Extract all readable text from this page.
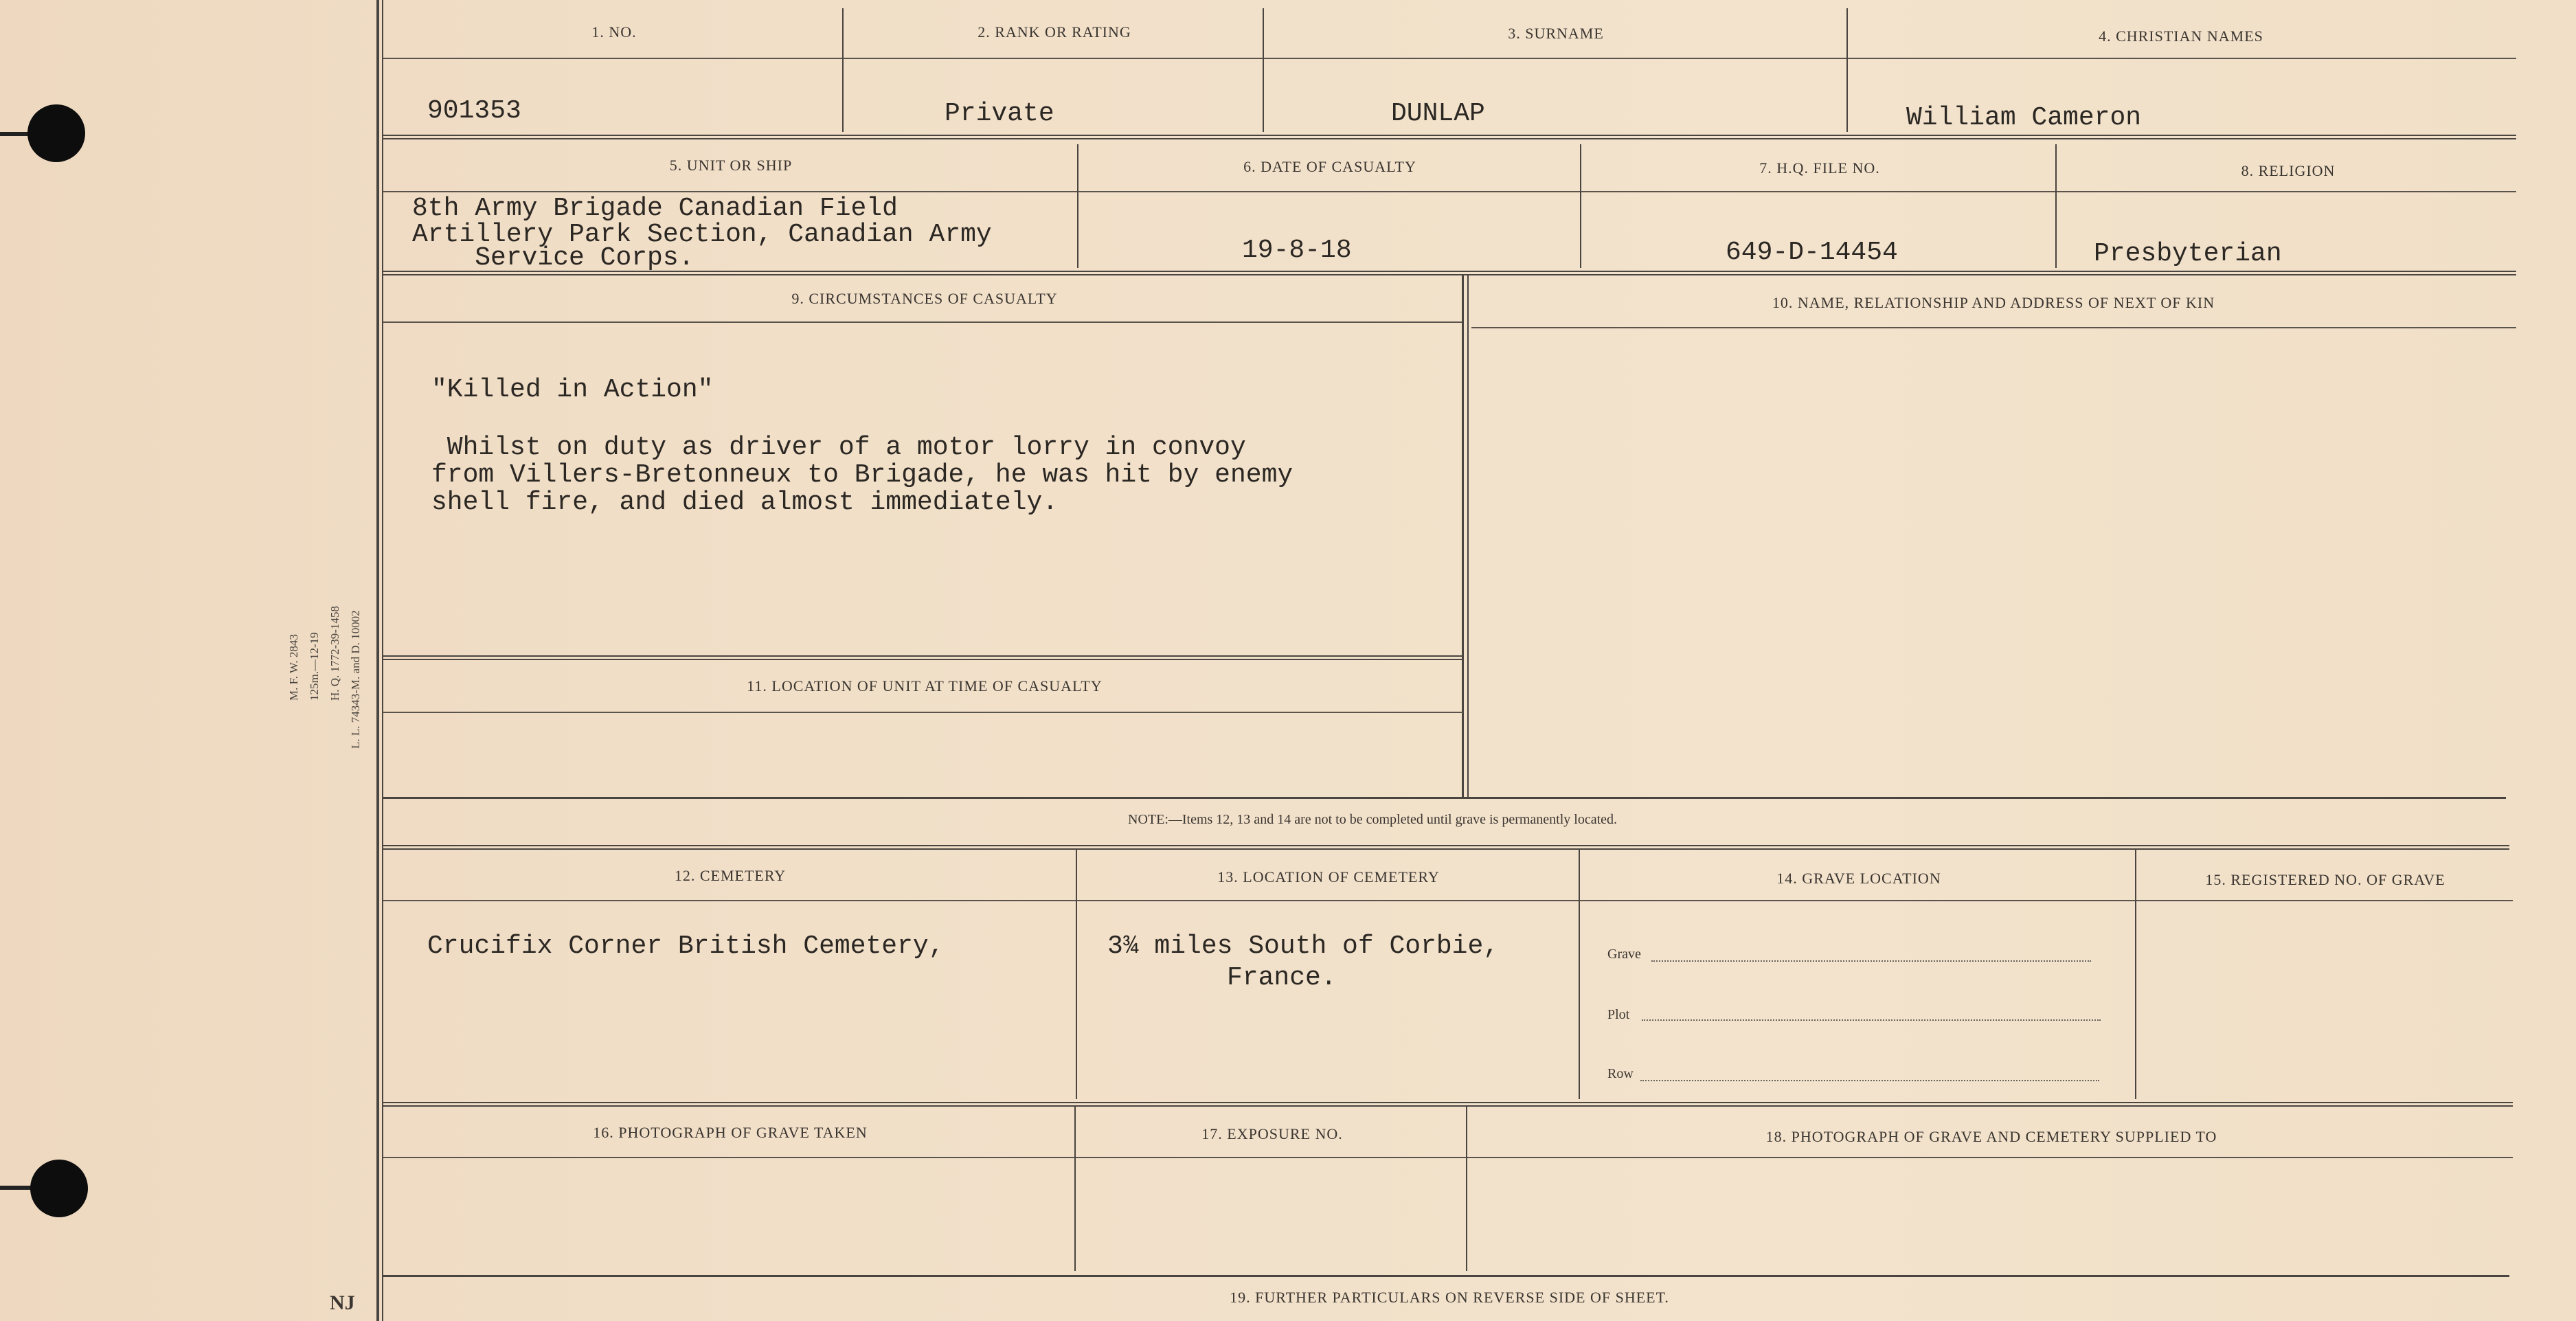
M. F. W. 2843 125m.—12-19 H. Q. 1772-39-1458 L. L. 74343-M. and D. 10002
NJ
1. NO.	2. RANK OR RATING	3. SURNAME	4. CHRISTIAN NAMES
901353	Private	DUNLAP	William Cameron
5. UNIT OR SHIP	6. DATE OF CASUALTY	7. H.Q. FILE NO.	8. RELIGION
8th Army Brigade Canadian Field
Artillery Park Section, Canadian Army
Service Corps.	19-8-18	649-D-14454	Presbyterian
9. CIRCUMSTANCES OF CASUALTY	10. NAME, RELATIONSHIP AND ADDRESS OF NEXT OF KIN
"Killed in Action"
Whilst on duty as driver of a motor lorry in convoy
from Villers-Bretonneux to Brigade, he was hit by enemy
shell fire, and died almost immediately.
11. LOCATION OF UNIT AT TIME OF CASUALTY
NOTE:—Items 12, 13 and 14 are not to be completed until grave is permanently located.
12. CEMETERY	13. LOCATION OF CEMETERY	14. GRAVE LOCATION	15. REGISTERED NO. OF GRAVE
Crucifix Corner British Cemetery,	3¾ miles South of Corbie,
France.
Grave
Plot
Row
16. PHOTOGRAPH OF GRAVE TAKEN	17. EXPOSURE NO.	18. PHOTOGRAPH OF GRAVE AND CEMETERY SUPPLIED TO
19. FURTHER PARTICULARS ON REVERSE SIDE OF SHEET.
